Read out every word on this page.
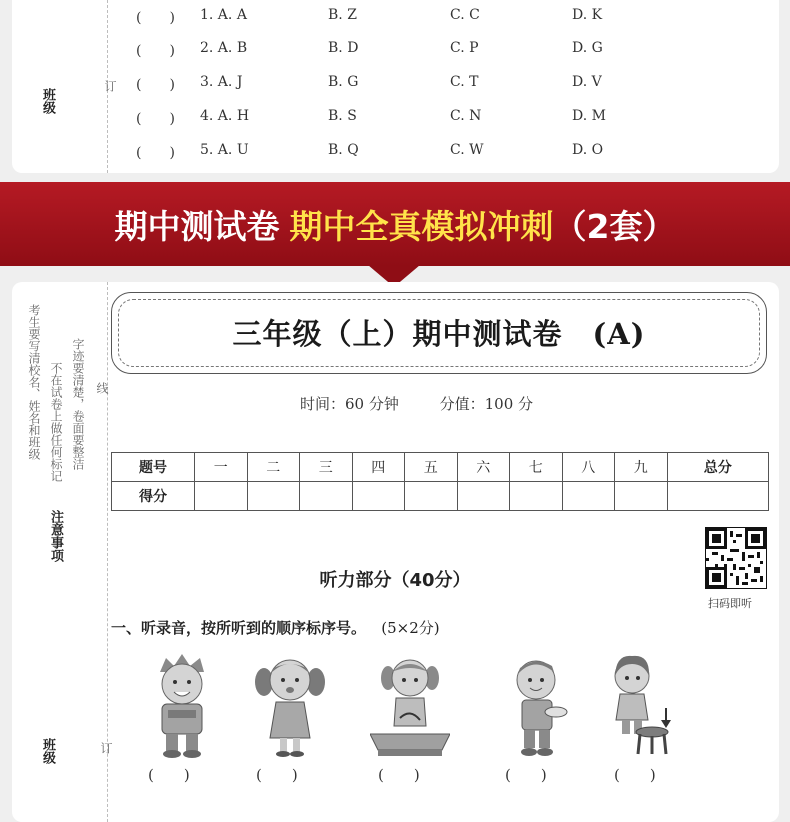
班级
订
(　　) 1. A. A	B. Z	C. C	D. K
(　　) 2. A. B	B. D	C. P	D. G
(　　) 3. A. J	B. G	C. T	D. V
(　　) 4. A. H	B. S	C. N	D. M
(　　) 5. A. U	B. Q	C. W	D. O
期中测试卷 期中全真模拟冲刺 （2套）
考生要写清校名、姓名和班级 不在试卷上做任何标记 字迹要清楚，卷面要整洁 线
注意事项
班级	订
三年级（上）期中测试卷　(A)
时间：60 分钟	分值：100 分
题号	一	二	三	四	五	六	七	八	九	总分
得分										
扫码即听
听力部分（40分）
一、听录音，按所听到的顺序标序号。 (5×2分)
(　　)	(　　)	(　　)	(　　)	(　　)
